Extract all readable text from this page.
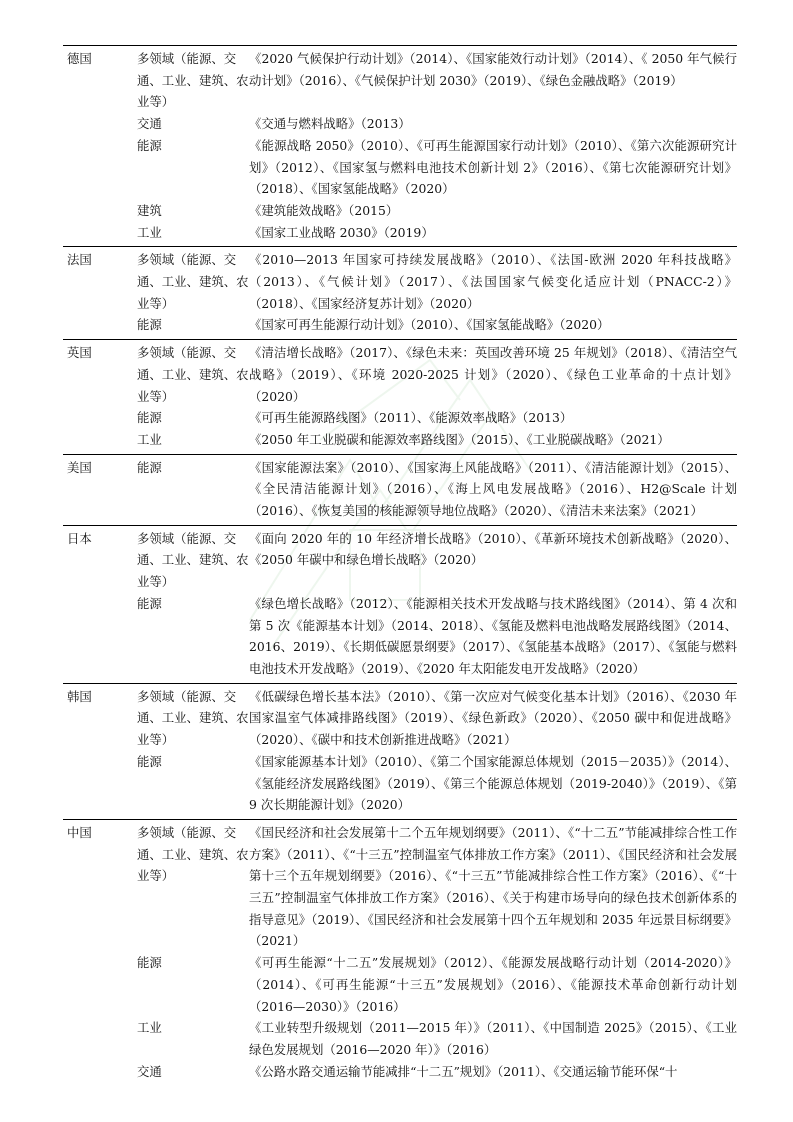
德国	多领域（能源、交通、工业、建筑、农业等）	《2020 气候保护行动计划》（2014）、《国家能效行动计划》（2014）、《 2050 年气候行动计划》（2016）、《气候保护计划 2030》（2019）、《绿色金融战略》（2019）
	交通	《交通与燃料战略》（2013）
	能源	《能源战略 2050》（2010）、《可再生能源国家行动计划》（2010）、《第六次能源研究计划》（2012）、《国家氢与燃料电池技术创新计划 2》（2016）、《第七次能源研究计划》（2018）、《国家氢能战略》（2020）
	建筑	《建筑能效战略》（2015）
	工业	《国家工业战略 2030》（2019）
法国	多领域（能源、交通、工业、建筑、农业等）	《2010—2013 年国家可持续发展战略》（2010）、《法国-欧洲 2020 年科技战略》（2013）、《气候计划》（2017）、《法国国家气候变化适应计划（PNACC-2）》（2018）、《国家经济复苏计划》（2020）
	能源	《国家可再生能源行动计划》（2010）、《国家氢能战略》（2020）
英国	多领域（能源、交通、工业、建筑、农业等）	《清洁增长战略》（2017）、《绿色未来：英国改善环境 25 年规划》（2018）、《清洁空气战略》（2019）、《环境 2020-2025 计划》（2020）、《绿色工业革命的十点计划》（2020）
	能源	《可再生能源路线图》（2011）、《能源效率战略》（2013）
	工业	《2050 年工业脱碳和能源效率路线图》（2015）、《工业脱碳战略》（2021）
美国	能源	《国家能源法案》（2010）、《国家海上风能战略》（2011）、《清洁能源计划》（2015）、《全民清洁能源计划》（2016）、《海上风电发展战略》（2016）、H2@Scale 计划（2016）、《恢复美国的核能源领导地位战略》（2020）、《清洁未来法案》（2021）
日本	多领域（能源、交通、工业、建筑、农业等）	《面向 2020 年的 10 年经济增长战略》（2010）、《革新环境技术创新战略》（2020）、《2050 年碳中和绿色增长战略》（2020）
	能源	《绿色增长战略》（2012）、《能源相关技术开发战略与技术路线图》（2014）、第 4 次和第 5 次《能源基本计划》（2014、2018）、《氢能及燃料电池战略发展路线图》（2014、2016、2019）、《长期低碳愿景纲要》（2017）、《氢能基本战略》（2017）、《氢能与燃料电池技术开发战略》（2019）、《2020 年太阳能发电开发战略》（2020）
韩国	多领域（能源、交通、工业、建筑、农业等）	《低碳绿色增长基本法》（2010）、《第一次应对气候变化基本计划》（2016）、《2030 年国家温室气体减排路线图》（2019）、《绿色新政》（2020）、《2050 碳中和促进战略》（2020）、《碳中和技术创新推进战略》（2021）
	能源	《国家能源基本计划》（2010）、《第二个国家能源总体规划（2015－2035）》（2014）、《氢能经济发展路线图》（2019）、《第三个能源总体规划（2019-2040）》（2019）、《第 9 次长期能源计划》（2020）
中国	多领域（能源、交通、工业、建筑、农业等）	《国民经济和社会发展第十二个五年规划纲要》（2011）、《“十二五”节能减排综合性工作方案》（2011）、《“十三五”控制温室气体排放工作方案》（2011）、《国民经济和社会发展第十三个五年规划纲要》（2016）、《“十三五”节能减排综合性工作方案》（2016）、《“十三五”控制温室气体排放工作方案》（2016）、《关于构建市场导向的绿色技术创新体系的指导意见》（2019）、《国民经济和社会发展第十四个五年规划和 2035 年远景目标纲要》（2021）
	能源	《可再生能源“十二五”发展规划》（2012）、《能源发展战略行动计划（2014-2020）》（2014）、《可再生能源“十三五”发展规划》（2016）、《能源技术革命创新行动计划（2016—2030）》（2016）
	工业	《工业转型升级规划（2011—2015 年）》（2011）、《中国制造 2025》（2015）、《工业绿色发展规划（2016—2020 年）》（2016）
	交通	《公路水路交通运输节能减排“十二五”规划》（2011）、《交通运输节能环保“十
